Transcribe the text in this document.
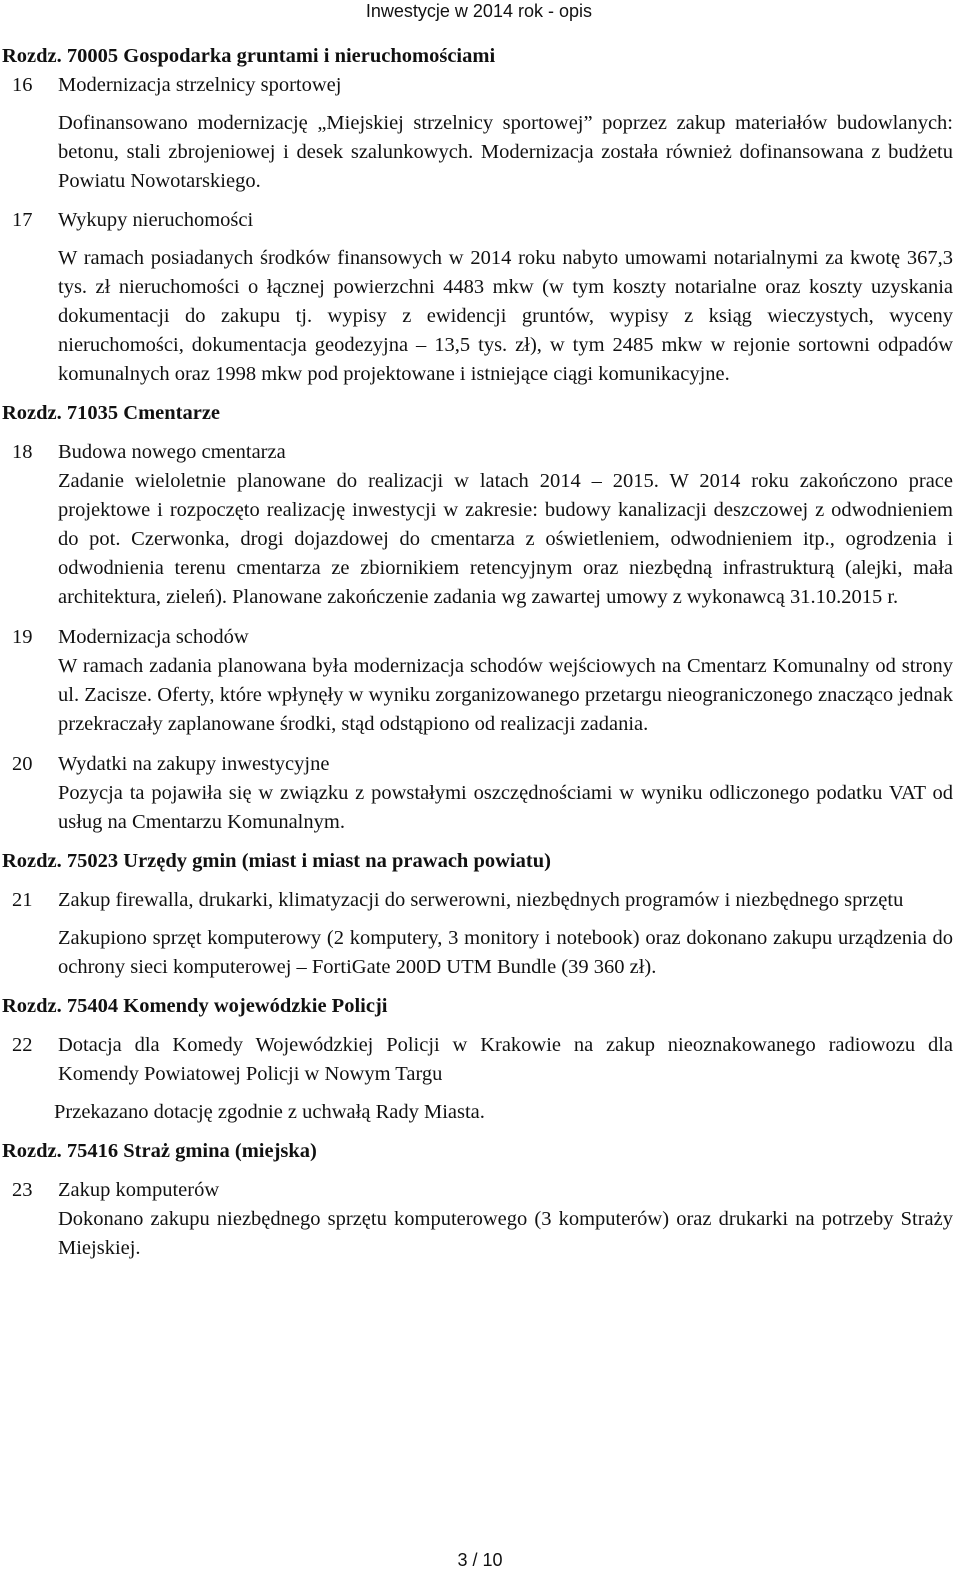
Inwestycje w 2014 rok - opis
Rozdz. 70005 Gospodarka gruntami i nieruchomościami
16 Modernizacja strzelnicy sportowej
Dofinansowano modernizację „Miejskiej strzelnicy sportowej” poprzez zakup materiałów budowlanych: betonu, stali zbrojeniowej i desek szalunkowych. Modernizacja została również dofinansowana z budżetu Powiatu Nowotarskiego.
17 Wykupy nieruchomości
W ramach posiadanych środków finansowych w 2014 roku nabyto umowami notarialnymi za kwotę 367,3 tys. zł nieruchomości o łącznej powierzchni 4483 mkw (w tym koszty notarialne oraz koszty uzyskania dokumentacji do zakupu tj. wypisy z ewidencji gruntów, wypisy z ksiąg wieczystych, wyceny nieruchomości, dokumentacja geodezyjna – 13,5 tys. zł), w tym 2485 mkw w rejonie sortowni odpadów komunalnych oraz 1998 mkw pod projektowane i istniejące ciągi komunikacyjne.
Rozdz. 71035 Cmentarze
18 Budowa nowego cmentarza
Zadanie wieloletnie planowane do realizacji w latach 2014 – 2015. W 2014 roku zakończono prace projektowe i rozpoczęto realizację inwestycji w zakresie: budowy kanalizacji deszczowej z odwodnieniem do pot. Czerwonka, drogi dojazdowej do cmentarza z oświetleniem, odwodnieniem itp., ogrodzenia i odwodnienia terenu cmentarza ze zbiornikiem retencyjnym oraz niezbędną infrastrukturą (alejki, mała architektura, zieleń). Planowane zakończenie zadania wg zawartej umowy z wykonawcą 31.10.2015 r.
19 Modernizacja schodów
W ramach zadania planowana była modernizacja schodów wejściowych na Cmentarz Komunalny od strony ul. Zacisze. Oferty, które wpłynęły w wyniku zorganizowanego przetargu nieograniczonego znacząco jednak przekraczały zaplanowane środki, stąd odstąpiono od realizacji zadania.
20 Wydatki na zakupy inwestycyjne
Pozycja ta pojawiła się w związku z powstałymi oszczędnościami w wyniku odliczonego podatku VAT od usług na Cmentarzu Komunalnym.
Rozdz. 75023 Urzędy gmin (miast i miast na prawach powiatu)
21 Zakup firewalla, drukarki, klimatyzacji do serwerowni, niezbędnych programów i niezbędnego sprzętu
Zakupiono sprzęt komputerowy (2 komputery, 3 monitory i notebook) oraz dokonano zakupu urządzenia do ochrony sieci komputerowej – FortiGate 200D UTM Bundle (39 360 zł).
Rozdz. 75404 Komendy wojewódzkie Policji
22 Dotacja dla Komedy Wojewódzkiej Policji w Krakowie na zakup nieoznakowanego radiowozu dla Komendy Powiatowej Policji w Nowym Targu
Przekazano dotację zgodnie z uchwałą Rady Miasta.
Rozdz. 75416 Straż gmina (miejska)
23 Zakup komputerów
Dokonano zakupu niezbędnego sprzętu komputerowego (3 komputerów) oraz drukarki na potrzeby Straży Miejskiej.
3 / 10
